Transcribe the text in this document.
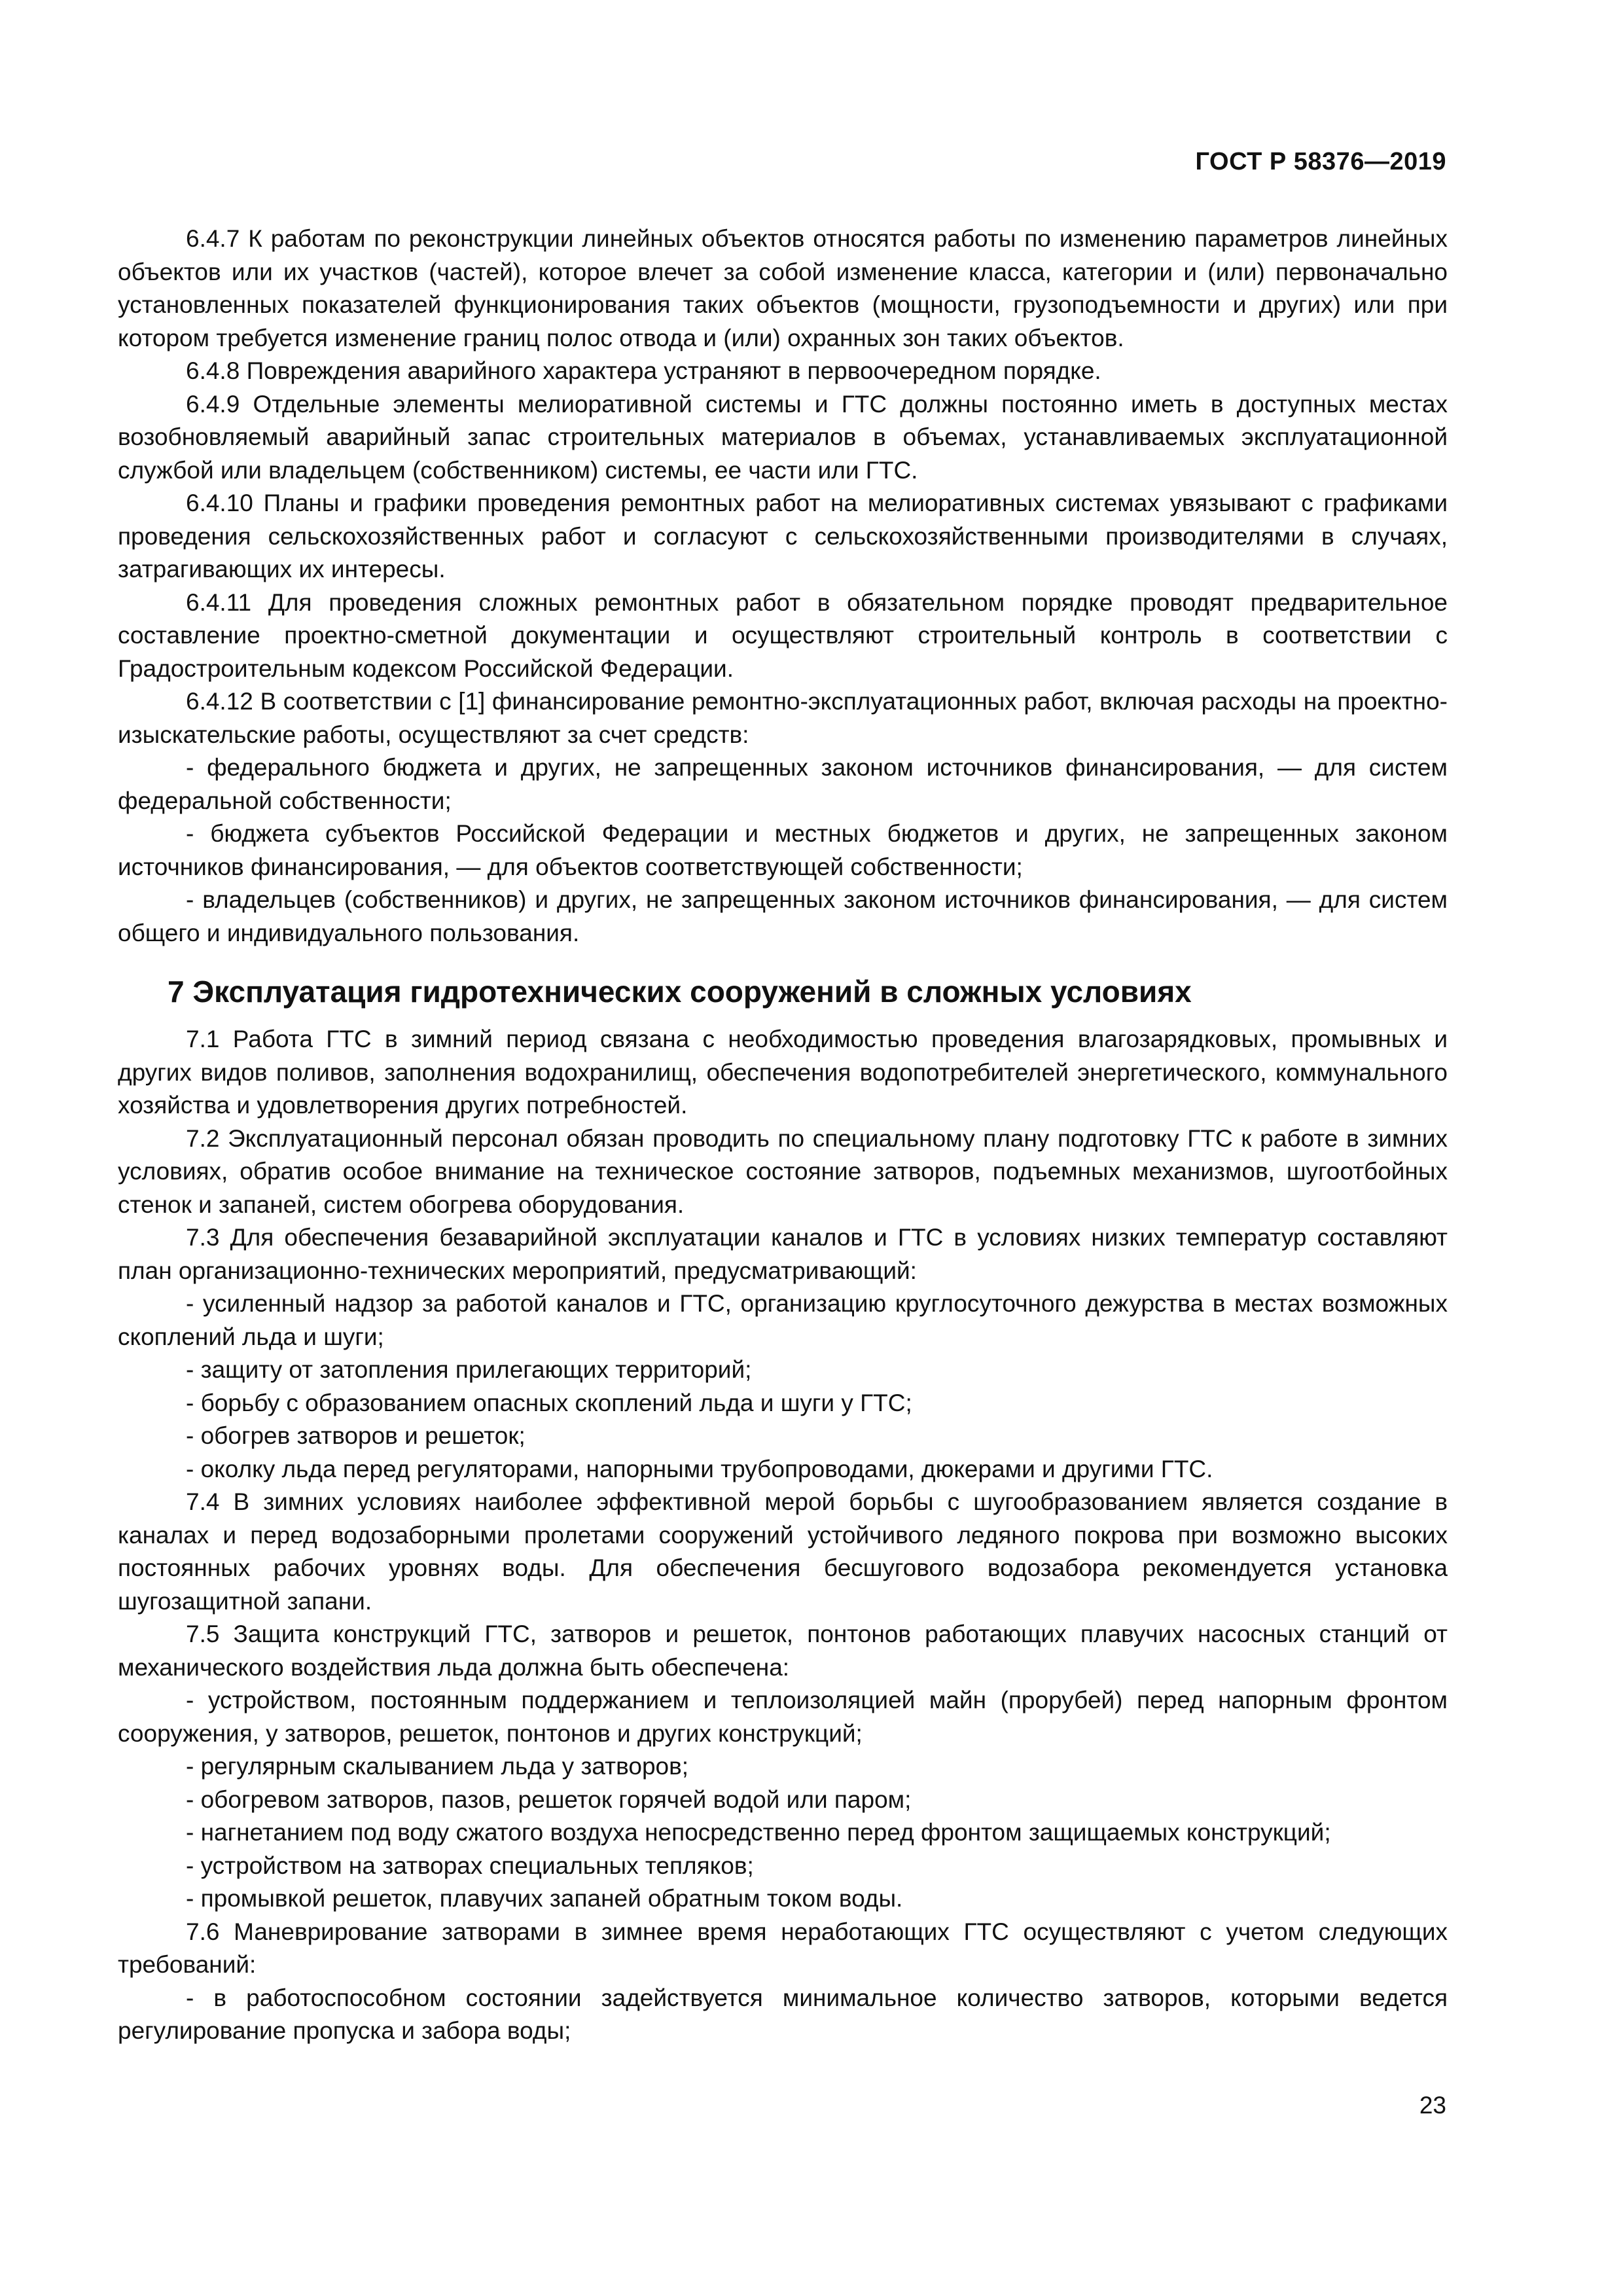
ГОСТ Р 58376—2019

6.4.7 К работам по реконструкции линейных объектов относятся работы по изменению параметров линейных объектов или их участков (частей), которое влечет за собой изменение класса, категории и (или) первоначально установленных показателей функционирования таких объектов (мощности, грузоподъемности и других) или при котором требуется изменение границ полос отвода и (или) охранных зон таких объектов.

6.4.8 Повреждения аварийного характера устраняют в первоочередном порядке.

6.4.9 Отдельные элементы мелиоративной системы и ГТС должны постоянно иметь в доступных местах возобновляемый аварийный запас строительных материалов в объемах, устанавливаемых эксплуатационной службой или владельцем (собственником) системы, ее части или ГТС.

6.4.10 Планы и графики проведения ремонтных работ на мелиоративных системах увязывают с графиками проведения сельскохозяйственных работ и согласуют с сельскохозяйственными производителями в случаях, затрагивающих их интересы.

6.4.11 Для проведения сложных ремонтных работ в обязательном порядке проводят предварительное составление проектно-сметной документации и осуществляют строительный контроль в соответствии с Градостроительным кодексом Российской Федерации.

6.4.12 В соответствии с [1] финансирование ремонтно-эксплуатационных работ, включая расходы на проектно-изыскательские работы, осуществляют за счет средств:

- федерального бюджета и других, не запрещенных законом источников финансирования, — для систем федеральной собственности;

- бюджета субъектов Российской Федерации и местных бюджетов и других, не запрещенных законом источников финансирования, — для объектов соответствующей собственности;

- владельцев (собственников) и других, не запрещенных законом источников финансирования, — для систем общего и индивидуального пользования.

7 Эксплуатация гидротехнических сооружений в сложных условиях

7.1 Работа ГТС в зимний период связана с необходимостью проведения влагозарядковых, промывных и других видов поливов, заполнения водохранилищ, обеспечения водопотребителей энергетического, коммунального хозяйства и удовлетворения других потребностей.

7.2 Эксплуатационный персонал обязан проводить по специальному плану подготовку ГТС к работе в зимних условиях, обратив особое внимание на техническое состояние затворов, подъемных механизмов, шугоотбойных стенок и запаней, систем обогрева оборудования.

7.3 Для обеспечения безаварийной эксплуатации каналов и ГТС в условиях низких температур составляют план организационно-технических мероприятий, предусматривающий:

- усиленный надзор за работой каналов и ГТС, организацию круглосуточного дежурства в местах возможных скоплений льда и шуги;

- защиту от затопления прилегающих территорий;

- борьбу с образованием опасных скоплений льда и шуги у ГТС;

- обогрев затворов и решеток;

- околку льда перед регуляторами, напорными трубопроводами, дюкерами и другими ГТС.

7.4 В зимних условиях наиболее эффективной мерой борьбы с шугообразованием является создание в каналах и перед водозаборными пролетами сооружений устойчивого ледяного покрова при возможно высоких постоянных рабочих уровнях воды. Для обеспечения бесшугового водозабора рекомендуется установка шугозащитной запани.

7.5 Защита конструкций ГТС, затворов и решеток, понтонов работающих плавучих насосных станций от механического воздействия льда должна быть обеспечена:

- устройством, постоянным поддержанием и теплоизоляцией майн (прорубей) перед напорным фронтом сооружения, у затворов, решеток, понтонов и других конструкций;

- регулярным скалыванием льда у затворов;

- обогревом затворов, пазов, решеток горячей водой или паром;

- нагнетанием под воду сжатого воздуха непосредственно перед фронтом защищаемых конструкций;

- устройством на затворах специальных тепляков;

- промывкой решеток, плавучих запаней обратным током воды.

7.6 Маневрирование затворами в зимнее время неработающих ГТС осуществляют с учетом следующих требований:

- в работоспособном состоянии задействуется минимальное количество затворов, которыми ведется регулирование пропуска и забора воды;

23
